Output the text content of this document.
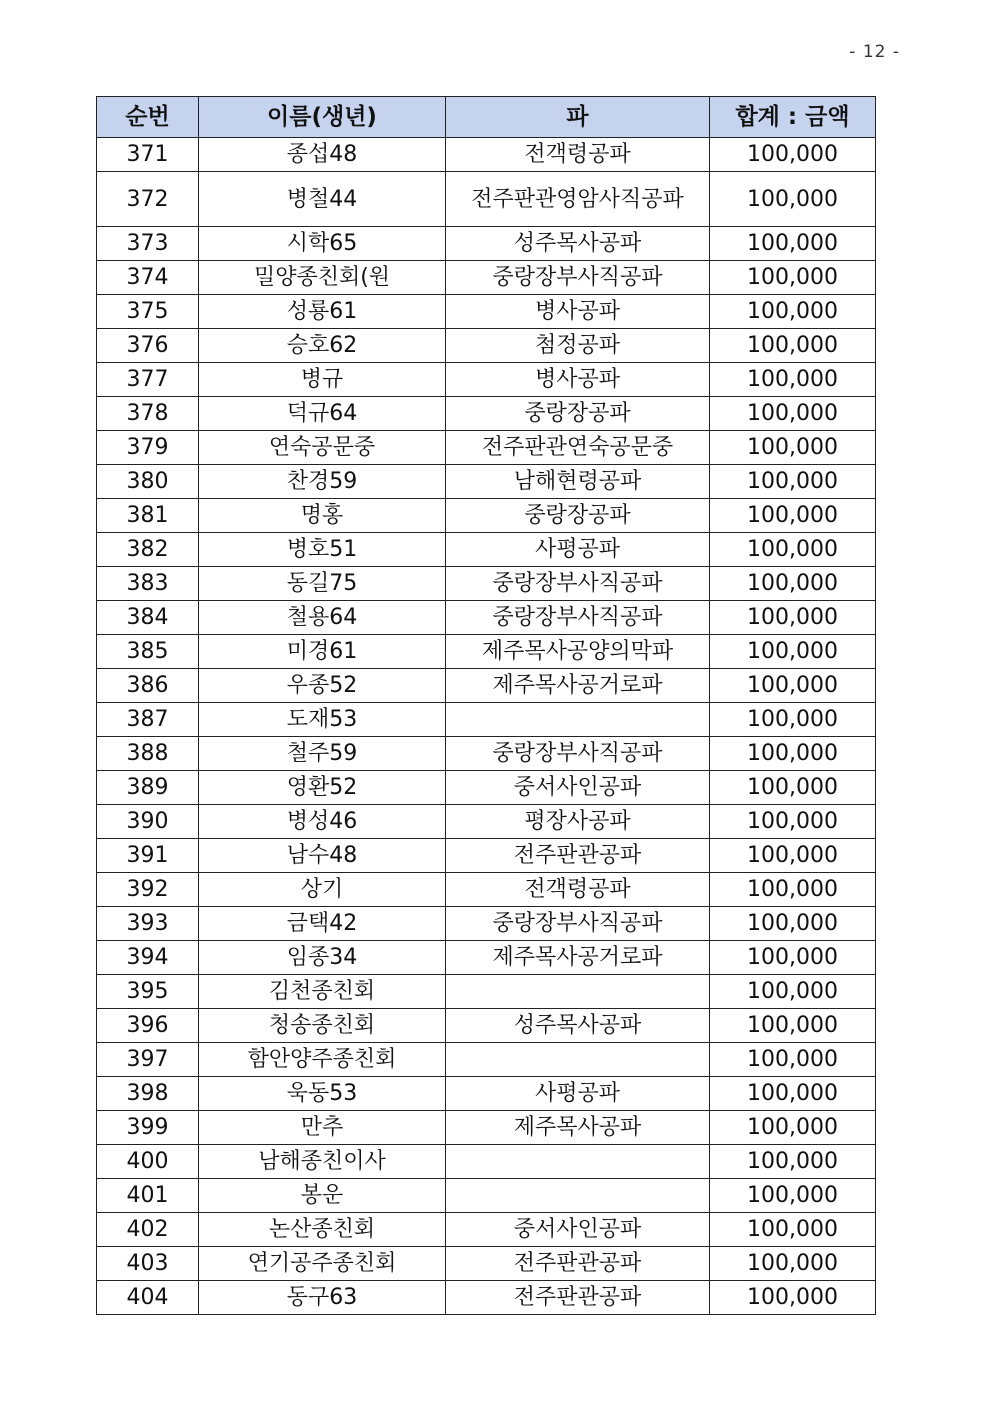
- 12 -
순번	이름(생년)	파	합계 : 금액
371	종섭48	전객령공파	100,000
372	병철44	전주판관영암사직공파	100,000
373	시학65	성주목사공파	100,000
374	밀양종친회(원	중랑장부사직공파	100,000
375	성룡61	병사공파	100,000
376	승호62	첨정공파	100,000
377	병규	병사공파	100,000
378	덕규64	중랑장공파	100,000
379	연숙공문중	전주판관연숙공문중	100,000
380	찬경59	남해현령공파	100,000
381	명홍	중랑장공파	100,000
382	병호51	사평공파	100,000
383	동길75	중랑장부사직공파	100,000
384	철용64	중랑장부사직공파	100,000
385	미경61	제주목사공양의막파	100,000
386	우종52	제주목사공거로파	100,000
387	도재53		100,000
388	철주59	중랑장부사직공파	100,000
389	영환52	중서사인공파	100,000
390	병성46	평장사공파	100,000
391	남수48	전주판관공파	100,000
392	상기	전객령공파	100,000
393	금택42	중랑장부사직공파	100,000
394	임종34	제주목사공거로파	100,000
395	김천종친회		100,000
396	청송종친회	성주목사공파	100,000
397	함안양주종친회		100,000
398	욱동53	사평공파	100,000
399	만추	제주목사공파	100,000
400	남해종친이사		100,000
401	봉운		100,000
402	논산종친회	중서사인공파	100,000
403	연기공주종친회	전주판관공파	100,000
404	동구63	전주판관공파	100,000
